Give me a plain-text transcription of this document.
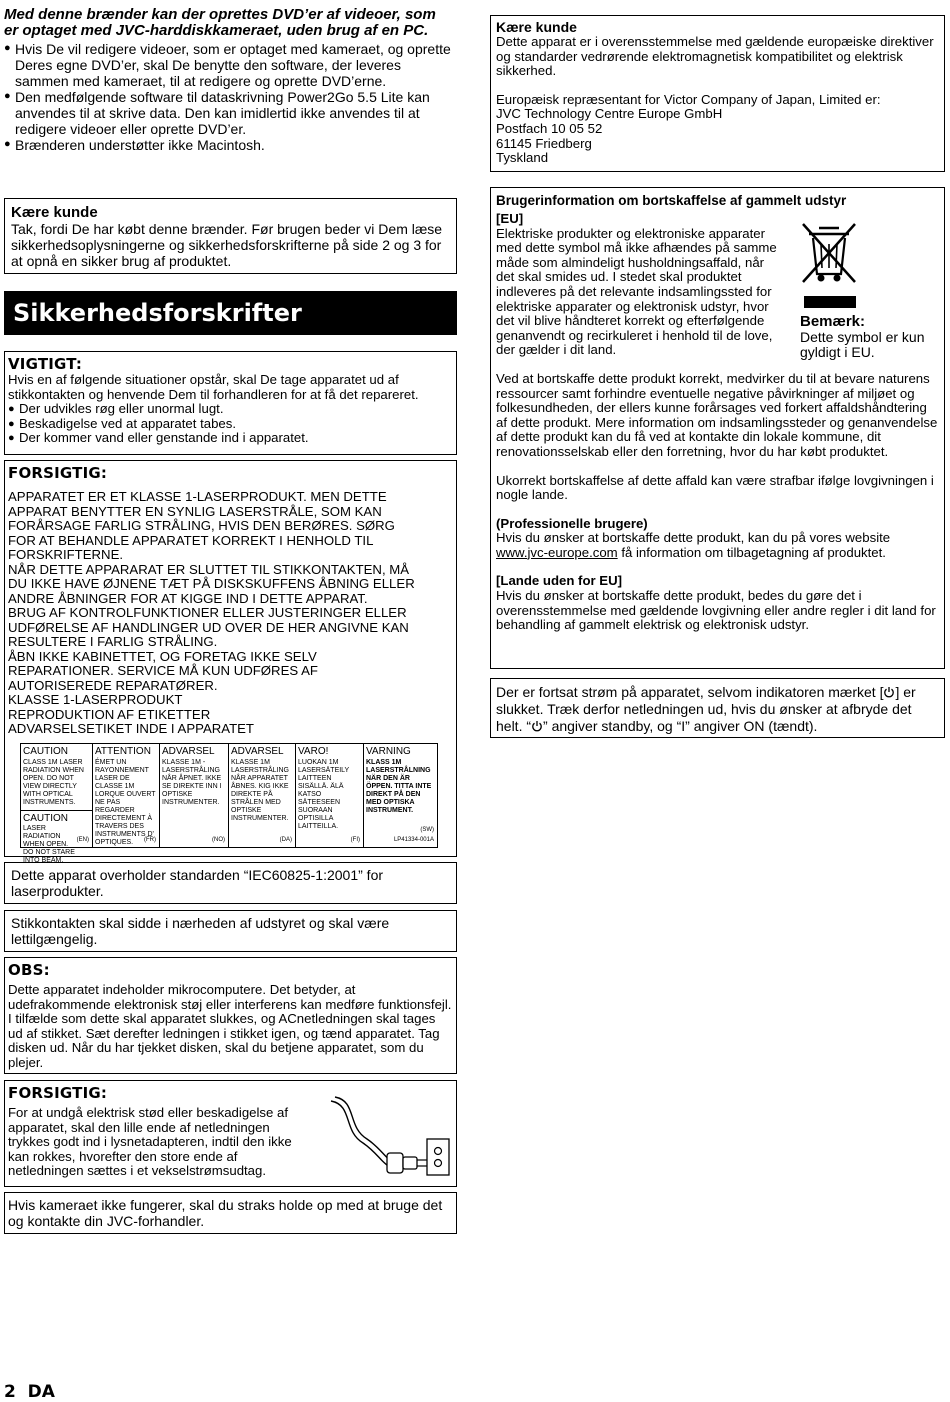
Med denne brænder kan der oprettes DVD’er af videoer, som er optaget med JVC-harddiskkameraet, uden brug af en PC.
● Hvis De vil redigere videoer, som er optaget med kameraet, og oprette Deres egne DVD’er, skal De benytte den software, der leveres sammen med kameraet, til at redigere og oprette DVD’erne.
● Den medfølgende software til dataskrivning Power2Go 5.5 Lite kan anvendes til at skrive data. Den kan imidlertid ikke anvendes til at redigere videoer eller oprette DVD’er.
● Brænderen understøtter ikke Macintosh.
Kære kunde
Tak, fordi De har købt denne brænder. Før brugen beder vi Dem læse sikkerhedsoplysningerne og sikkerhedsforskrifterne på side 2 og 3 for at opnå en sikker brug af produktet.
Sikkerhedsforskrifter
VIGTIGT:
Hvis en af følgende situationer opstår, skal De tage apparatet ud af stikkontakten og henvende Dem til forhandleren for at få det repareret.
● Der udvikles røg eller unormal lugt.
● Beskadigelse ved at apparatet tabes.
● Der kommer vand eller genstande ind i apparatet.
FORSIGTIG:
APPARATET ER ET KLASSE 1-LASERPRODUKT. MEN DETTE
APPARAT BENYTTER EN SYNLIG LASERSTRÅLE, SOM KAN
FORÅRSAGE FARLIG STRÅLING, HVIS DEN BERØRES. SØRG
FOR AT BEHANDLE APPARATET KORREKT I HENHOLD TIL
FORSKRIFTERNE.
NÅR DETTE APPARARAT ER SLUTTET TIL STIKKONTAKTEN, MÅ
DU IKKE HAVE ØJNENE TÆT PÅ DISKSKUFFENS ÅBNING ELLER
ANDRE ÅBNINGER FOR AT KIGGE IND I DETTE APPARAT.
BRUG AF KONTROLFUNKTIONER ELLER JUSTERINGER ELLER
UDFØRELSE AF HANDLINGER UD OVER DE HER ANGIVNE KAN
RESULTERE I FARLIG STRÅLING.
ÅBN IKKE KABINETTET, OG FORETAG IKKE SELV
REPARATIONER. SERVICE MÅ KUN UDFØRES AF
AUTORISEREDE REPARATØRER.
KLASSE 1-LASERPRODUKT
REPRODUKTION AF ETIKETTER
ADVARSELSETIKET INDE I APPARATET
CAUTION
CLASS 1M LASER RADIATION WHEN OPEN. DO NOT VIEW DIRECTLY WITH OPTICAL INSTRUMENTS.
CAUTION
LASER RADIATION WHEN OPEN. DO NOT STARE INTO BEAM.
(EN)
ATTENTION
ÉMET UN RAYONNEMENT LASER DE CLASSE 1M LORQUE OUVERT NE PAS REGARDER DIRECTEMENT À TRAVERS DES INSTRUMENTS D' OPTIQUES.	(FR)
ADVARSEL
KLASSE 1M -LASERSTRÅLING NÅR ÅPNET. IKKE SE DIREKTE INN I OPTISKE INSTRUMENTER.
(NO)
ADVARSEL
KLASSE 1M LASERSTRÅLING NÅR APPARATET ÅBNES. KIG IKKE DIREKTE PÅ STRÅLEN MED OPTISKE INSTRUMENTER.
(DA)
VARO!
LUOKAN 1M LASERSÄTEILY LAITTEEN SISÄLLÄ. ÄLÄ KATSO SÄTEESEEN SUORAAN OPTISILLA LAITTEILLA.
(FI)
VARNING
KLASS 1M LASERSTRÅLNING NÄR DEN ÄR ÖPPEN. TITTA INTE DIREKT PÅ DEN MED OPTISKA INSTRUMENT.
(SW)
LP41334-001A
Dette apparat overholder standarden “IEC60825-1:2001” for laserprodukter.
Stikkontakten skal sidde i nærheden af udstyret og skal være lettilgængelig.
OBS:
Dette apparatet indeholder mikrocomputere. Det betyder, at udefrakommende elektronisk støj eller interferens kan medføre funktionsfejl. I tilfælde som dette skal apparatet slukkes, og ACnetledningen skal tages ud af stikket. Sæt derefter ledningen i stikket igen, og tænd apparatet. Tag disken ud. Når du har tjekket disken, skal du betjene apparatet, som du plejer.
FORSIGTIG:
For at undgå elektrisk stød eller beskadigelse af apparatet, skal den lille ende af netledningen trykkes godt ind i lysnetadapteren, indtil den ikke kan rokkes, hvorefter den store ende af netledningen sættes i et vekselstrømsudtag.
Hvis kameraet ikke fungerer, skal du straks holde op med at bruge det og kontakte din JVC-forhandler.
2  DA
Kære kunde
Dette apparat er i overensstemmelse med gældende europæiske direktiver og standarder vedrørende elektromagnetisk kompatibilitet og elektrisk sikkerhed.
Europæisk repræsentant for Victor Company of Japan, Limited er:
JVC Technology Centre Europe GmbH
Postfach 10 05 52
61145 Friedberg
Tyskland
Brugerinformation om bortskaffelse af gammelt udstyr
[EU]
Elektriske produkter og elektroniske apparater med dette symbol må ikke afhændes på samme måde som almindeligt husholdningsaffald, når det skal smides ud. I stedet skal produktet indleveres på det relevante indsamlingssted for elektriske apparater og elektronisk udstyr, hvor det vil blive håndteret korrekt og efterfølgende genanvendt og recirkuleret i henhold til de love, der gælder i dit land.
Bemærk:
Dette symbol er kun gyldigt i EU.
Ved at bortskaffe dette produkt korrekt, medvirker du til at bevare naturens ressourcer samt forhindre eventuelle negative påvirkninger af miljøet og folkesundheden, der ellers kunne forårsages ved forkert affaldshåndtering af dette produkt. Mere information om indsamlingssteder og genanvendelse af dette produkt kan du få ved at kontakte din lokale kommune, dit renovationsselskab eller den forretning, hvor du har købt produktet.
Ukorrekt bortskaffelse af dette affald kan være strafbar ifølge lovgivningen i nogle lande.
(Professionelle brugere)
Hvis du ønsker at bortskaffe dette produkt, kan du på vores website www.jvc-europe.com få information om tilbagetagning af produktet.
[Lande uden for EU]
Hvis du ønsker at bortskaffe dette produkt, bedes du gøre det i overensstemmelse med gældende lovgivning eller andre regler i dit land for behandling af gammelt elektrisk og elektronisk udstyr.
Der er fortsat strøm på apparatet, selvom indikatoren mærket [ ] er slukket. Træk derfor netledningen ud, hvis du ønsker at afbryde det helt. “ ” angiver standby, og “I” angiver ON (tændt).
